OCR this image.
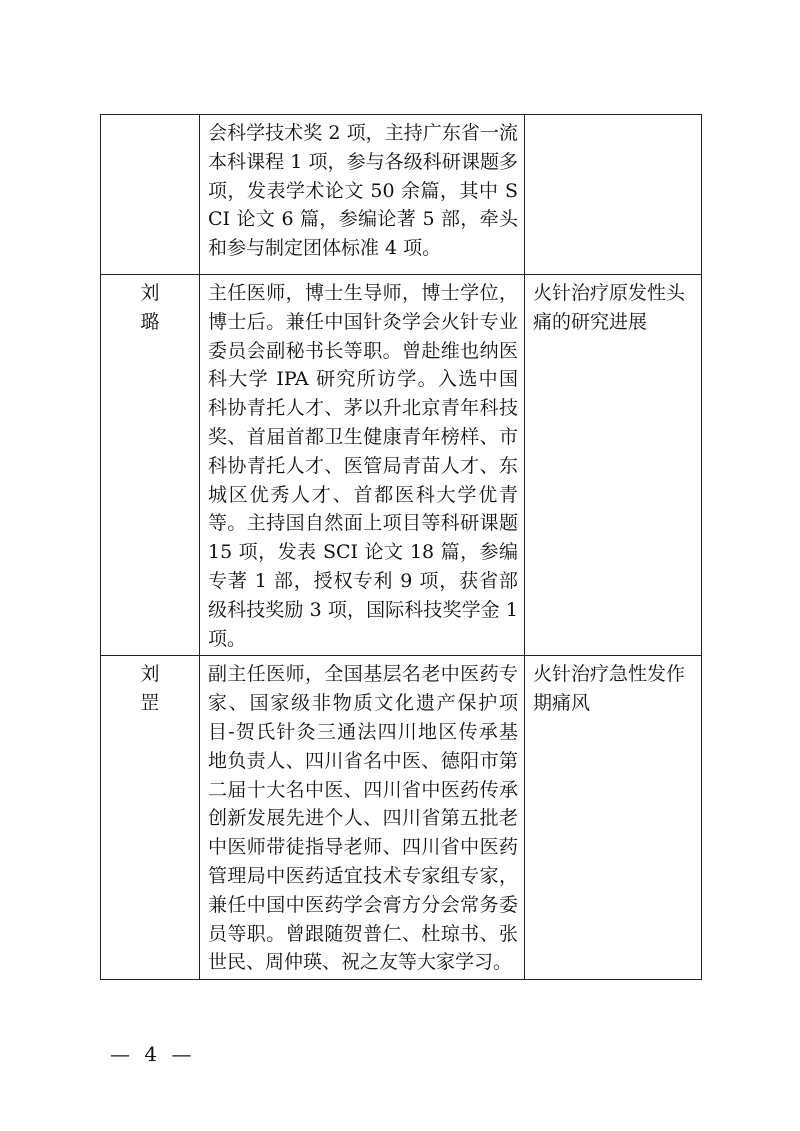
	会科学技术奖 2 项，主持广东省一流本科课程 1 项，参与各级科研课题多项，发表学术论文 50 余篇，其中 SCI 论文 6 篇，参编论著 5 部，牵头和参与制定团体标准 4 项。	
刘璐	主任医师，博士生导师，博士学位，博士后。兼任中国针灸学会火针专业委员会副秘书长等职。曾赴维也纳医科大学 IPA 研究所访学。入选中国科协青托人才、茅以升北京青年科技奖、首届首都卫生健康青年榜样、市科协青托人才、医管局青苗人才、东城区优秀人才、首都医科大学优青等。主持国自然面上项目等科研课题 15 项，发表 SCI 论文 18 篇，参编专著 1 部，授权专利 9 项，获省部级科技奖励 3 项，国际科技奖学金 1 项。	火针治疗原发性头痛的研究进展
刘罡	副主任医师，全国基层名老中医药专家、国家级非物质文化遗产保护项目-贺氏针灸三通法四川地区传承基地负责人、四川省名中医、德阳市第二届十大名中医、四川省中医药传承创新发展先进个人、四川省第五批老中医师带徒指导老师、四川省中医药管理局中医药适宜技术专家组专家，兼任中国中医药学会膏方分会常务委员等职。曾跟随贺普仁、杜琼书、张世民、周仲瑛、祝之友等大家学习。	火针治疗急性发作期痛风
— 4 —
